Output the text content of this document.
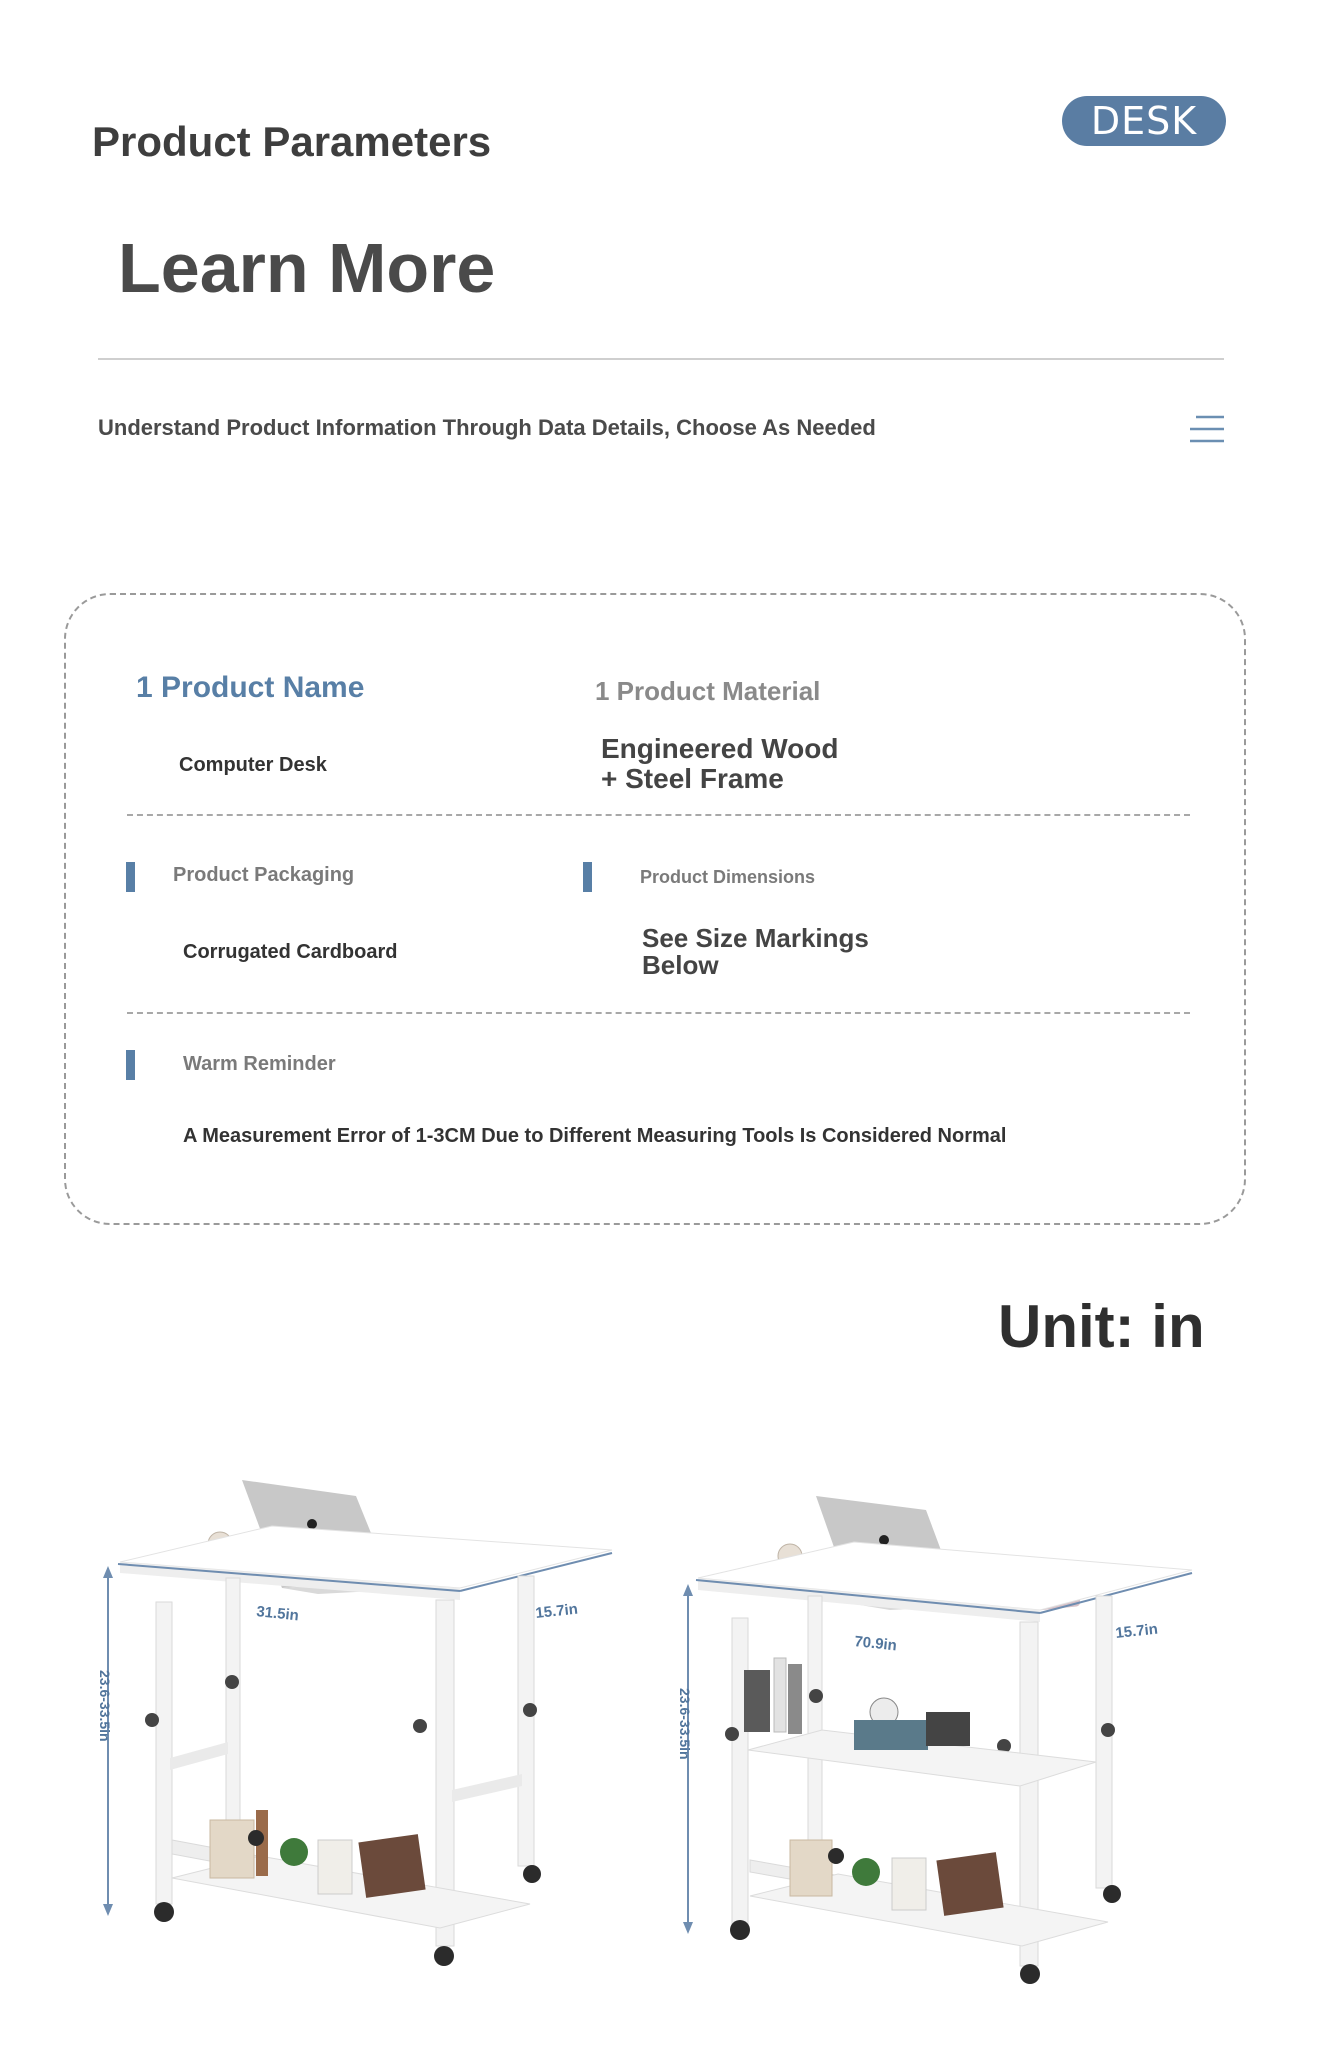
Product Parameters	DESK
Learn More
Understand Product Information Through Data Details, Choose As Needed
1 Product Name
Computer Desk
1 Product Material
Engineered Wood
+ Steel Frame
Product Packaging
Corrugated Cardboard
Product Dimensions
See Size Markings
Below
Warm Reminder
A Measurement Error of 1-3CM Due to Different Measuring Tools Is Considered Normal
Unit: in
23.6-33.5in
31.5in	15.7in
23.6-33.5in
70.9in
15.7in
